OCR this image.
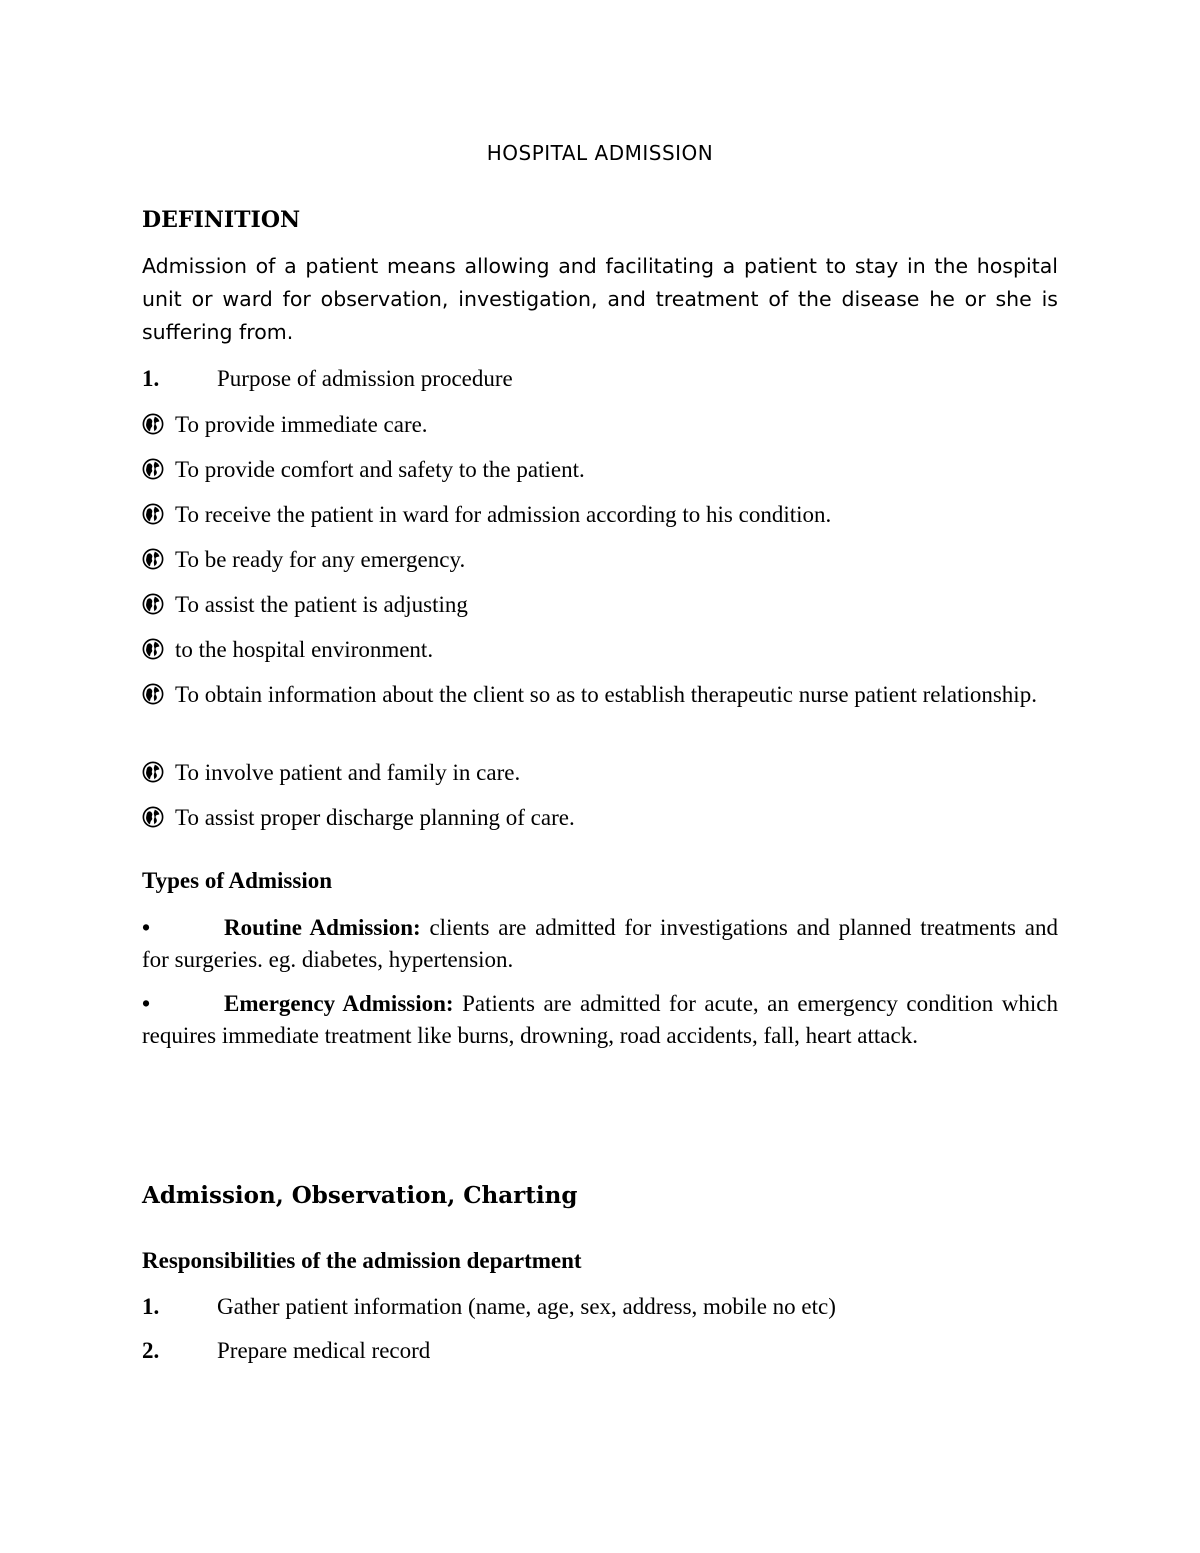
HOSPITAL ADMISSION
DEFINITION
Admission of a patient means allowing and facilitating a patient to stay in the hospital unit or ward for observation, investigation, and treatment of the disease he or she is suffering from.
1.	Purpose of admission procedure
To provide immediate care.
To provide comfort and safety to the patient.
To receive the patient in ward for admission according to his condition.
To be ready for any emergency.
To assist the patient is adjusting
to the hospital environment.
To obtain information about the client so as to establish therapeutic nurse patient relationship.
To involve patient and family in care.
To assist proper discharge planning of care.
Types of Admission
•	Routine Admission: clients are admitted for investigations and planned treatments and for surgeries. eg. diabetes, hypertension.
•	Emergency Admission: Patients are admitted for acute, an emergency condition which requires immediate treatment like burns, drowning, road accidents, fall, heart attack.
Admission, Observation, Charting
Responsibilities of the admission department
1.	Gather patient information (name, age, sex, address, mobile no etc)
2.	Prepare medical record
